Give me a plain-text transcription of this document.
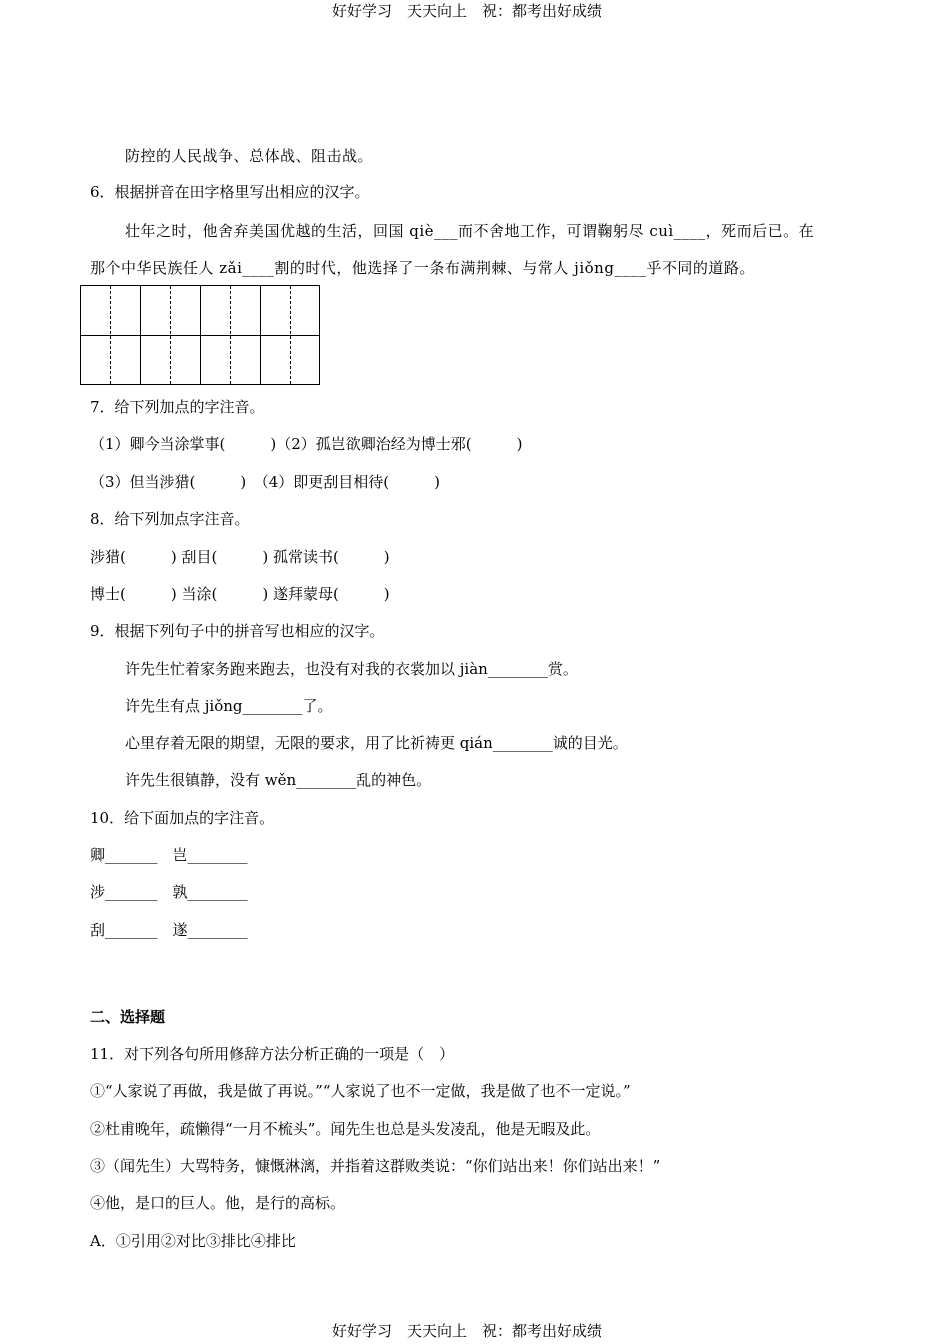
好好学习　天天向上　祝：都考出好成绩
防控的人民战争、总体战、阻击战。
6．根据拼音在田字格里写出相应的汉字。
壮年之时，他舍弃美国优越的生活，回国 qiè___而不舍地工作，可谓鞠躬尽 cuì____，死而后已。在
那个中华民族任人 zǎi____割的时代，他选择了一条布满荆棘、与常人 jiǒng____乎不同的道路。
7．给下列加点的字注音。
（1）卿今当涂掌事(　　　)（2）孤岂欲卿治经为博士邪(　　　)
（3）但当涉猎(　　　)　（4）即更刮目相待(　　　)
8．给下列加点字注音。
涉猎(　　　) 刮目(　　　) 孤常读书(　　　)
博士(　　　) 当涂(　　　) 遂拜蒙母(　　　)
9．根据下列句子中的拼音写也相应的汉字。
许先生忙着家务跑来跑去，也没有对我的衣裳加以 jiàn________赏。
许先生有点 jiǒng________了。
心里存着无限的期望，无限的要求，用了比祈祷更 qián________诚的目光。
许先生很镇静，没有 wěn________乱的神色。
10．给下面加点的字注音。
卿_______　岂________
涉_______　孰________
刮_______　遂________
二、选择题
11．对下列各句所用修辞方法分析正确的一项是（　）
①“人家说了再做，我是做了再说。”“人家说了也不一定做，我是做了也不一定说。”
②杜甫晚年，疏懒得“一月不梳头”。闻先生也总是头发凌乱，他是无暇及此。
③（闻先生）大骂特务，慷慨淋漓，并指着这群败类说：“你们站出来！你们站出来！”
④他，是口的巨人。他，是行的高标。
A．①引用②对比③排比④排比
好好学习　天天向上　祝：都考出好成绩
